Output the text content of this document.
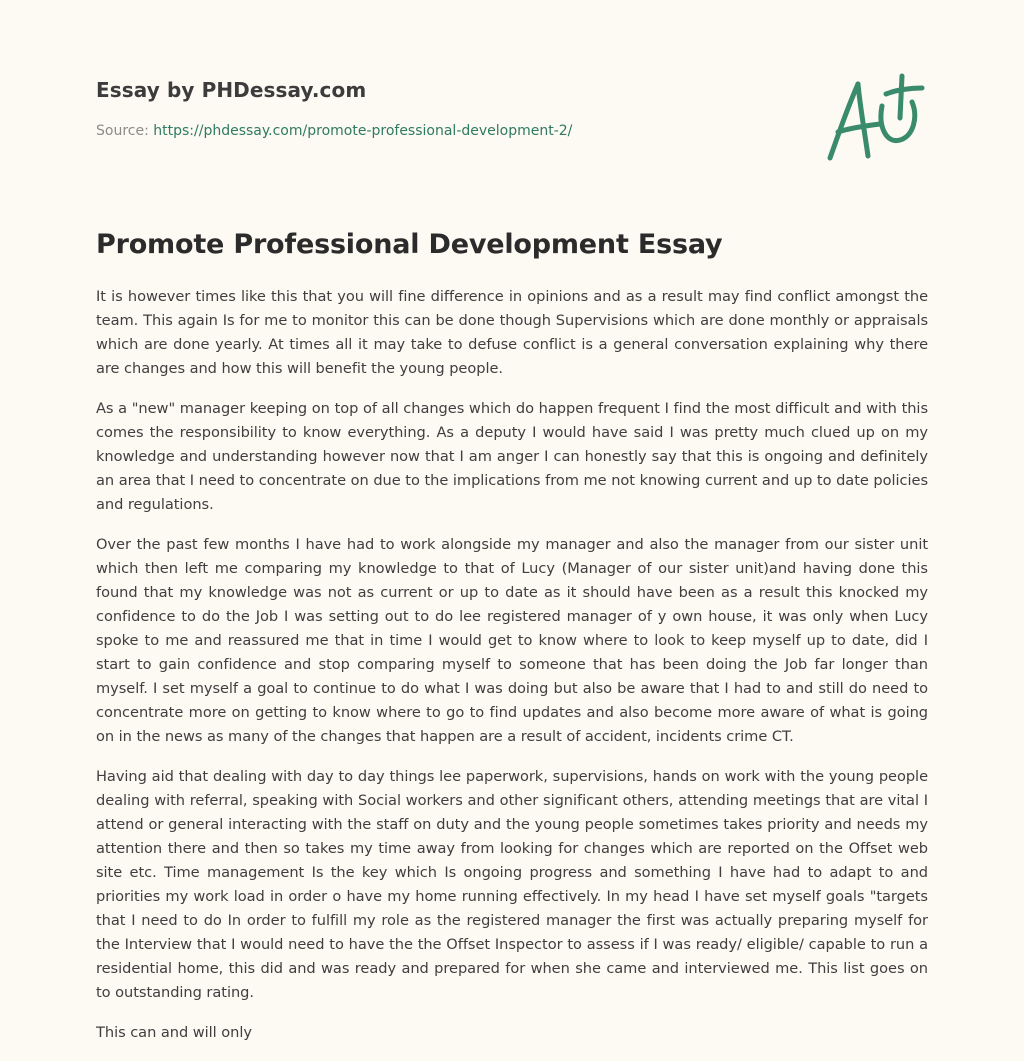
Essay by PHDessay.com
Source: https://phdessay.com/promote-professional-development-2/
Promote Professional Development Essay

It is however times like this that you will fine difference in opinions and as a result may find conflict amongst the team. This again Is for me to monitor this can be done though Supervisions which are done monthly or appraisals which are done yearly. At times all it may take to defuse conflict is a general conversation explaining why there are changes and how this will benefit the young people.

As a "new" manager keeping on top of all changes which do happen frequent I find the most difficult and with this comes the responsibility to know everything. As a deputy I would have said I was pretty much clued up on my knowledge and understanding however now that I am anger I can honestly say that this is ongoing and definitely an area that I need to concentrate on due to the implications from me not knowing current and up to date policies and regulations.

Over the past few months I have had to work alongside my manager and also the manager from our sister unit which then left me comparing my knowledge to that of Lucy (Manager of our sister unit)and having done this found that my knowledge was not as current or up to date as it should have been as a result this knocked my confidence to do the Job I was setting out to do lee registered manager of y own house, it was only when Lucy spoke to me and reassured me that in time I would get to know where to look to keep myself up to date, did I start to gain confidence and stop comparing myself to someone that has been doing the Job far longer than myself. I set myself a goal to continue to do what I was doing but also be aware that I had to and still do need to concentrate more on getting to know where to go to find updates and also become more aware of what is going on in the news as many of the changes that happen are a result of accident, incidents crime CT.

Having aid that dealing with day to day things lee paperwork, supervisions, hands on work with the young people dealing with referral, speaking with Social workers and other significant others, attending meetings that are vital I attend or general interacting with the staff on duty and the young people sometimes takes priority and needs my attention there and then so takes my time away from looking for changes which are reported on the Offset web site etc. Time management Is the key which Is ongoing progress and something I have had to adapt to and priorities my work load in order o have my home running effectively. In my head I have set myself goals "targets that I need to do In order to fulfill my role as the registered manager the first was actually preparing myself for the Interview that I would need to have the the Offset Inspector to assess if I was ready/ eligible/ capable to run a residential home, this did and was ready and prepared for when she came and interviewed me. This list goes on to outstanding rating.

This can and will only
